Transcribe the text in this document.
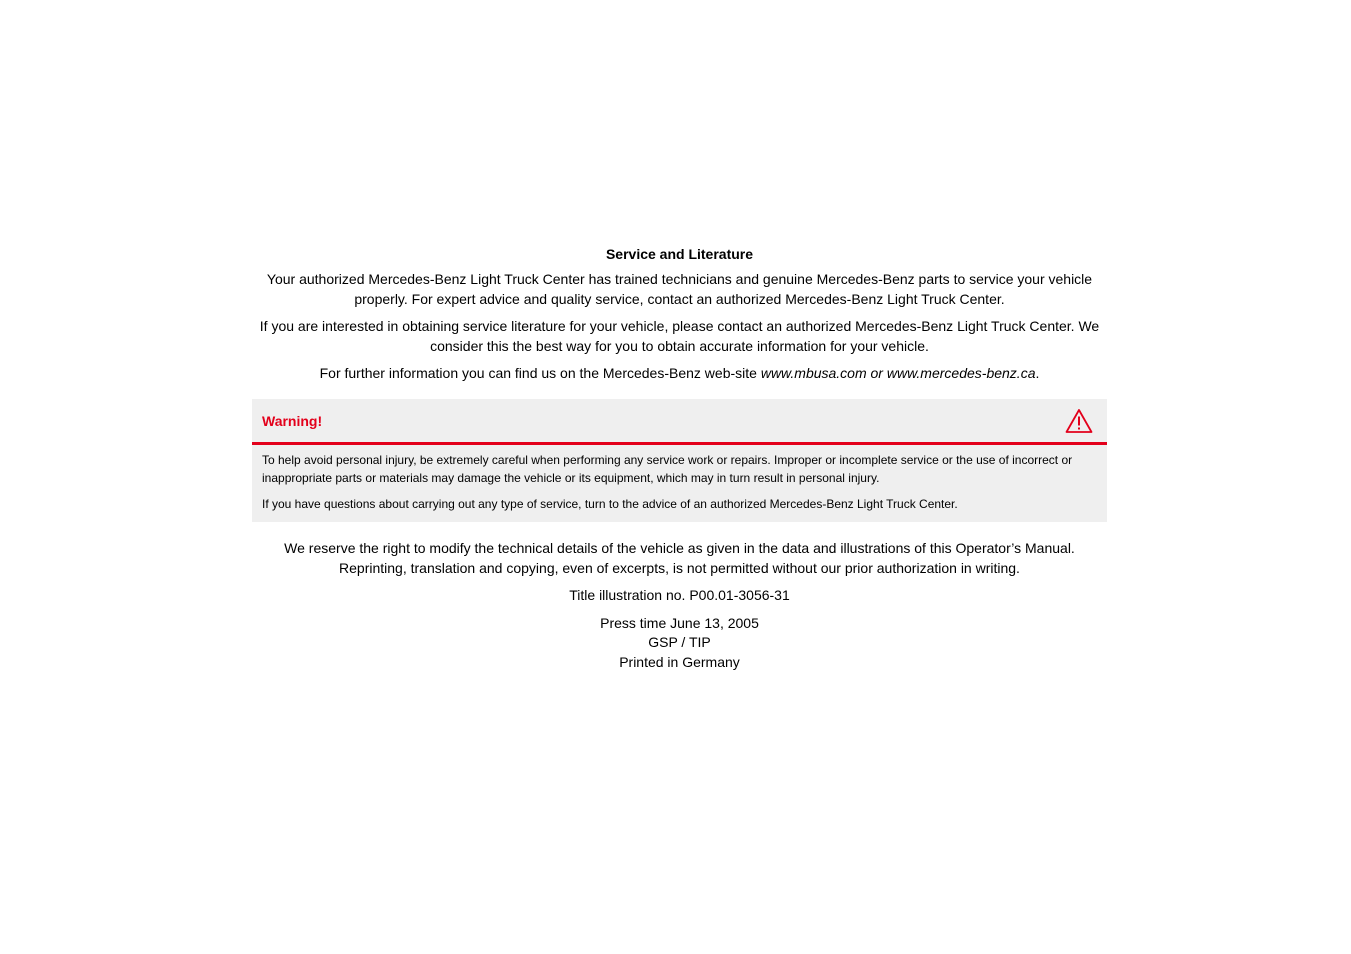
Service and Literature

Your authorized Mercedes-Benz Light Truck Center has trained technicians and genuine Mercedes-Benz parts to service your vehicle properly. For expert advice and quality service, contact an authorized Mercedes-Benz Light Truck Center.

If you are interested in obtaining service literature for your vehicle, please contact an authorized Mercedes-Benz Light Truck Center. We consider this the best way for you to obtain accurate information for your vehicle.

For further information you can find us on the Mercedes-Benz web-site www.mbusa.com or www.mercedes-benz.ca.

Warning!

To help avoid personal injury, be extremely careful when performing any service work or repairs. Improper or incomplete service or the use of incorrect or inappropriate parts or materials may damage the vehicle or its equipment, which may in turn result in personal injury.

If you have questions about carrying out any type of service, turn to the advice of an authorized Mercedes-Benz Light Truck Center.

We reserve the right to modify the technical details of the vehicle as given in the data and illustrations of this Operator’s Manual. Reprinting, translation and copying, even of excerpts, is not permitted without our prior authorization in writing.

Title illustration no. P00.01-3056-31

Press time June 13, 2005

GSP / TIP

Printed in Germany
